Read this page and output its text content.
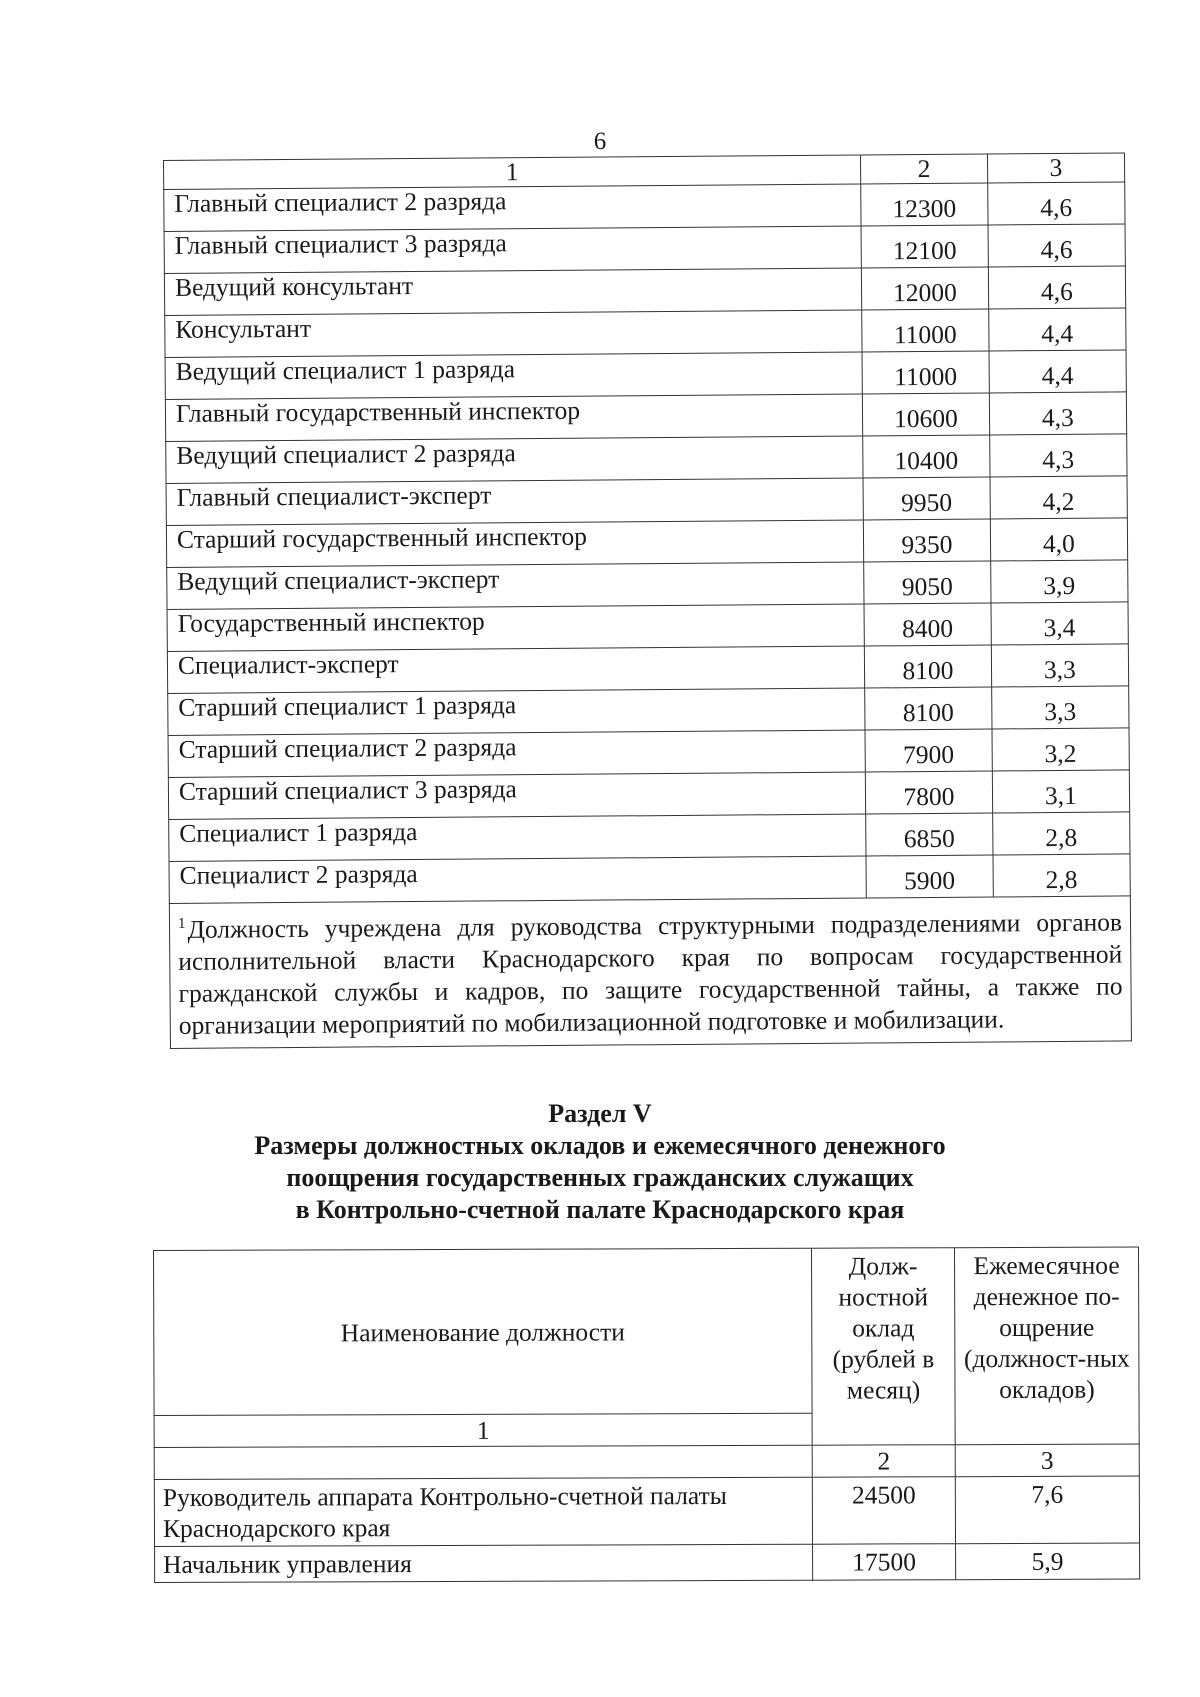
6
1	2	3
Главный специалист 2 разряда	12300	4,6
Главный специалист 3 разряда	12100	4,6
Ведущий консультант	12000	4,6
Консультант	11000	4,4
Ведущий специалист 1 разряда	11000	4,4
Главный государственный инспектор	10600	4,3
Ведущий специалист 2 разряда	10400	4,3
Главный специалист-эксперт	9950	4,2
Старший государственный инспектор	9350	4,0
Ведущий специалист-эксперт	9050	3,9
Государственный инспектор	8400	3,4
Специалист-эксперт	8100	3,3
Старший специалист 1 разряда	8100	3,3
Старший специалист 2 разряда	7900	3,2
Старший специалист 3 разряда	7800	3,1
Специалист 1 разряда	6850	2,8
Специалист 2 разряда	5900	2,8
$^1$Должность учреждена для руководства структурными подразделениями органов исполнительной власти Краснодарского края по вопросам государственной гражданской службы и кадров, по защите государственной тайны, а также по организации мероприятий по мобилизационной подготовке и мобилизации.		
Раздел V
Размеры должностных окладов и ежемесячного денежного
поощрения государственных гражданских служащих
в Контрольно-счетной палате Краснодарского края
Наименование должности	Долж-ностной оклад (рублей в месяц)	Ежемесячное денежное по-ощрение (должност-ных окладов)
1		
	2	3
Руководитель аппарата Контрольно-счетной палаты Краснодарского края	24500	7,6
Начальник управления	17500	5,9
